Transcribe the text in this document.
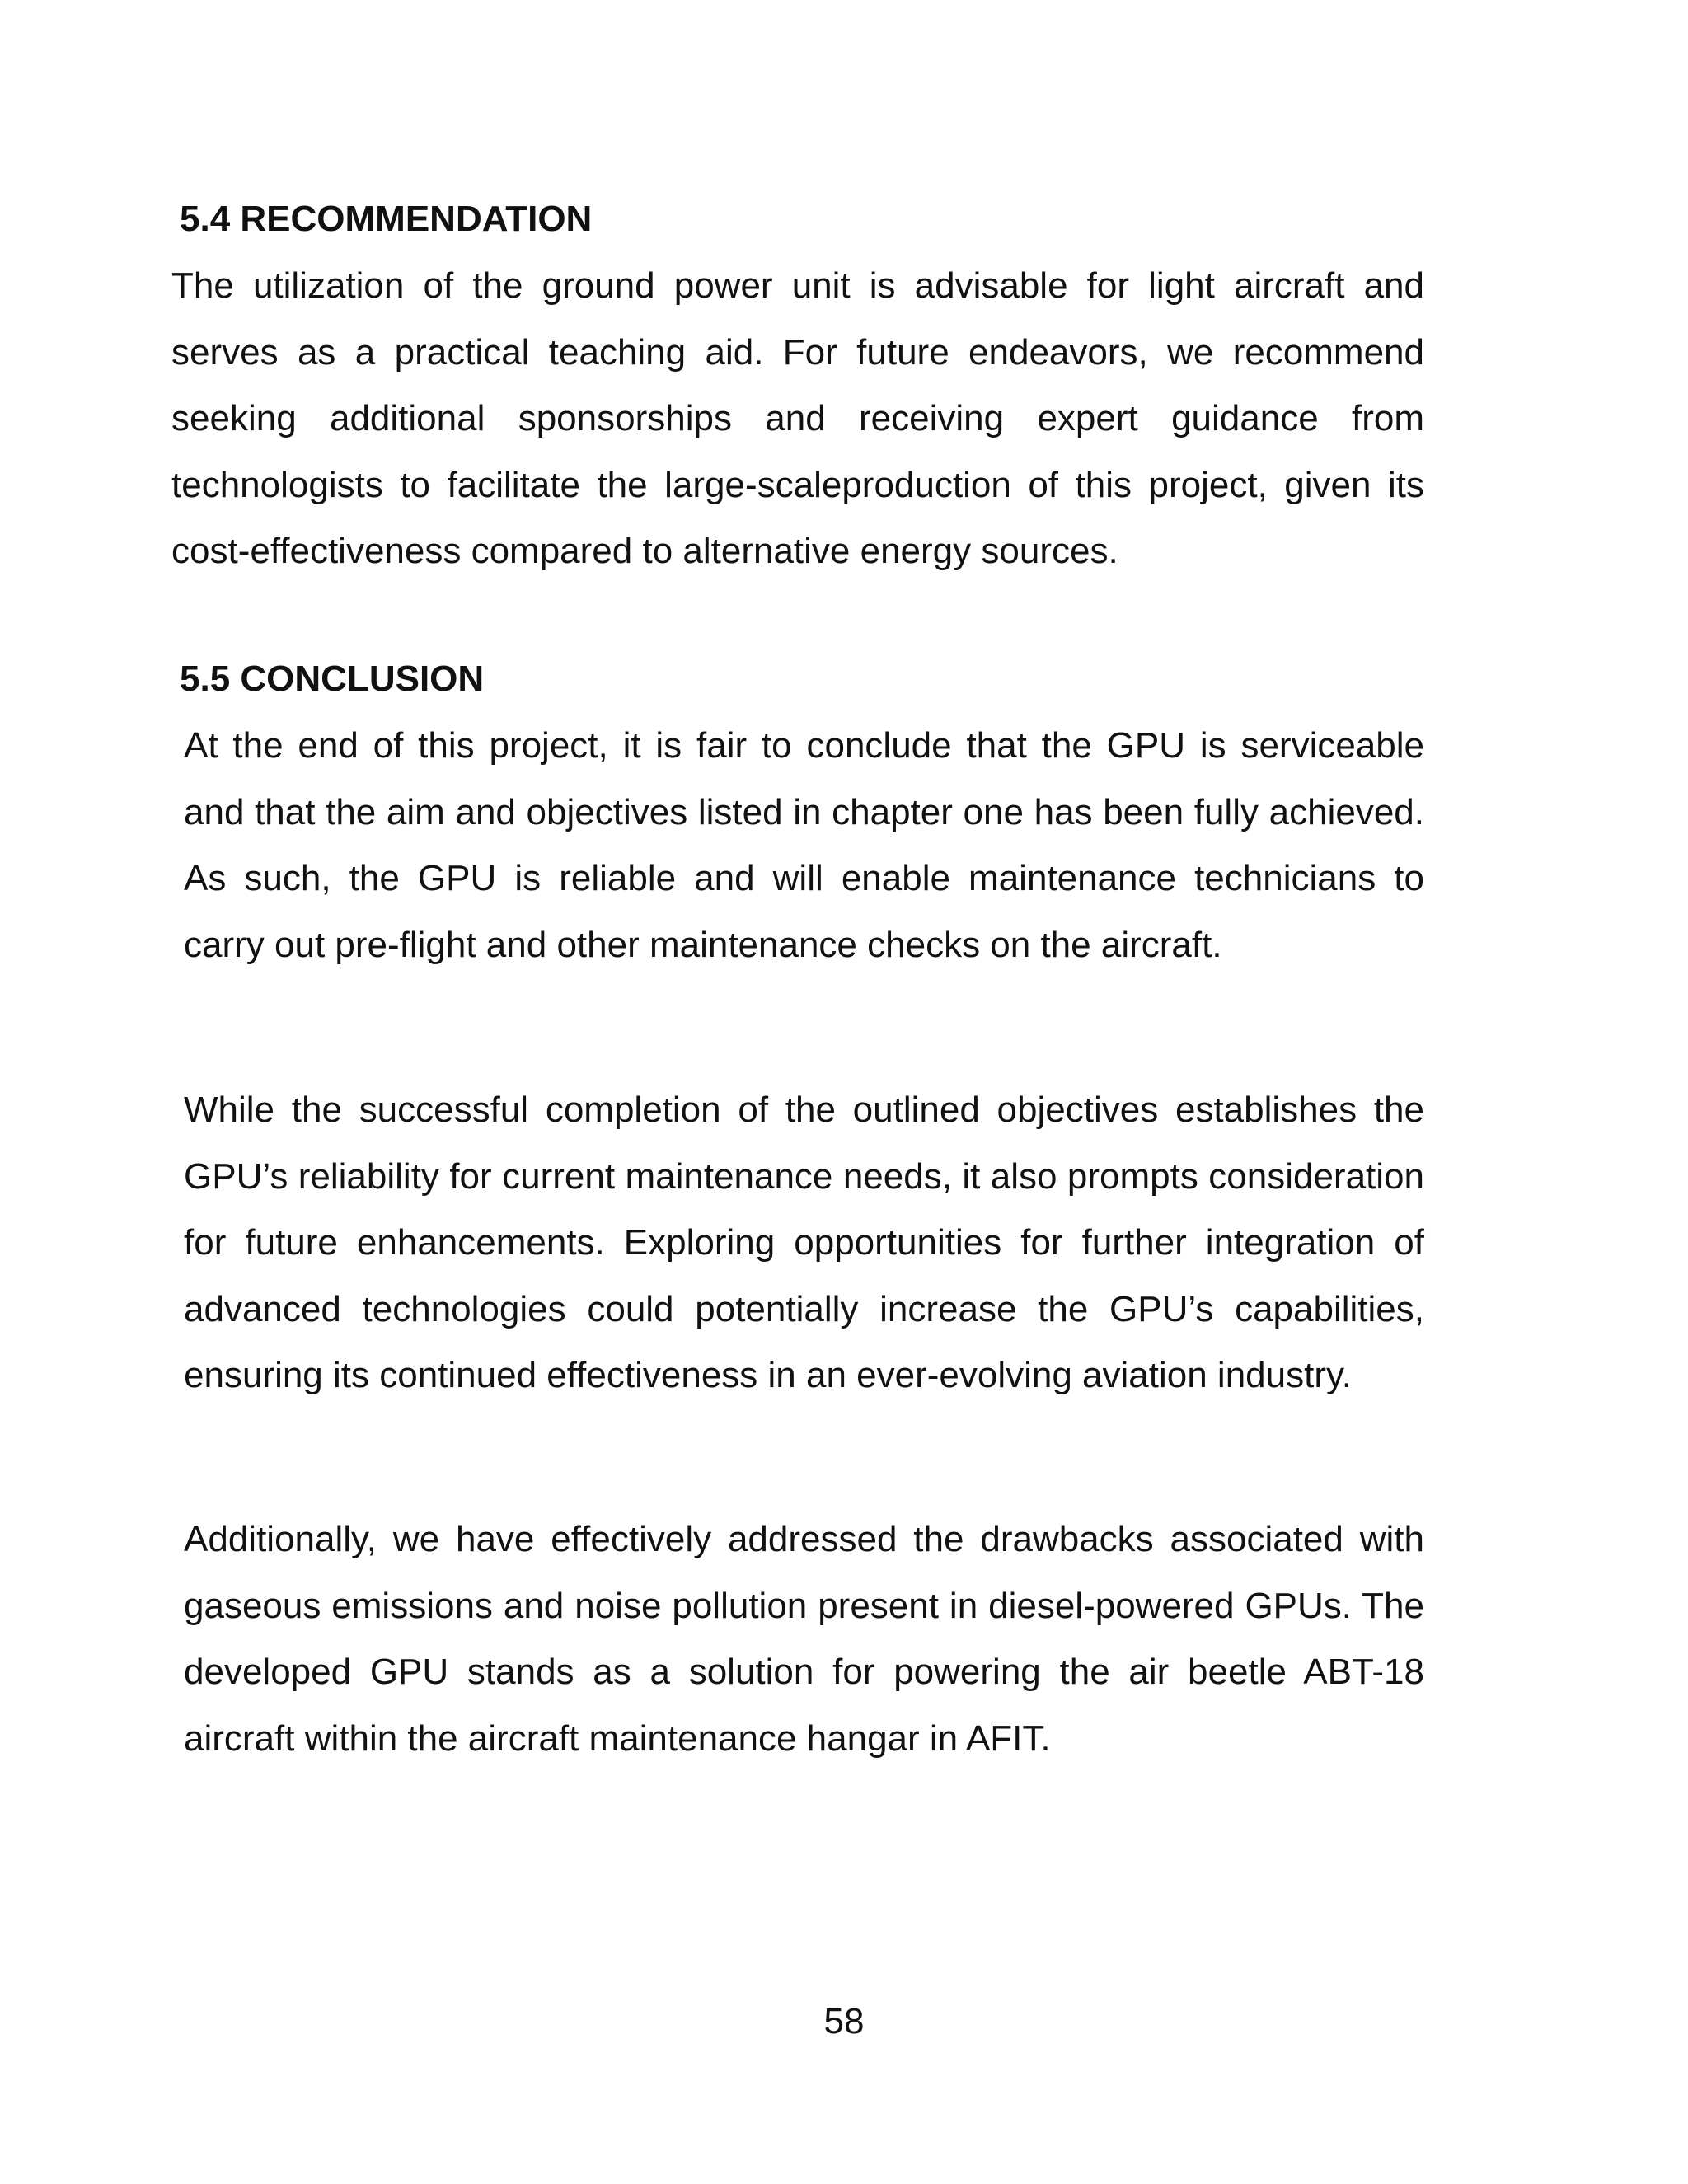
5.4 RECOMMENDATION

The utilization of the ground power unit is advisable for light aircraft and serves as a practical teaching aid. For future endeavors, we recommend seeking additional sponsorships and receiving expert guidance from technologists to facilitate the large-scaleproduction of this project, given its cost-effectiveness compared to alternative energy sources.

5.5 CONCLUSION

At the end of this project, it is fair to conclude that the GPU is serviceable and that the aim and objectives listed in chapter one has been fully achieved. As such, the GPU is reliable and will enable maintenance technicians to carry out pre-flight and other maintenance checks on the aircraft.

While the successful completion of the outlined objectives establishes the GPU’s reliability for current maintenance needs, it also prompts consideration for future enhancements. Exploring opportunities for further integration of advanced technologies could potentially increase the GPU’s capabilities, ensuring its continued effectiveness in an ever-evolving aviation industry.

Additionally, we have effectively addressed the drawbacks associated with gaseous emissions and noise pollution present in diesel-powered GPUs. The developed GPU stands as a solution for powering the air beetle ABT-18 aircraft within the aircraft maintenance hangar in AFIT.

58
